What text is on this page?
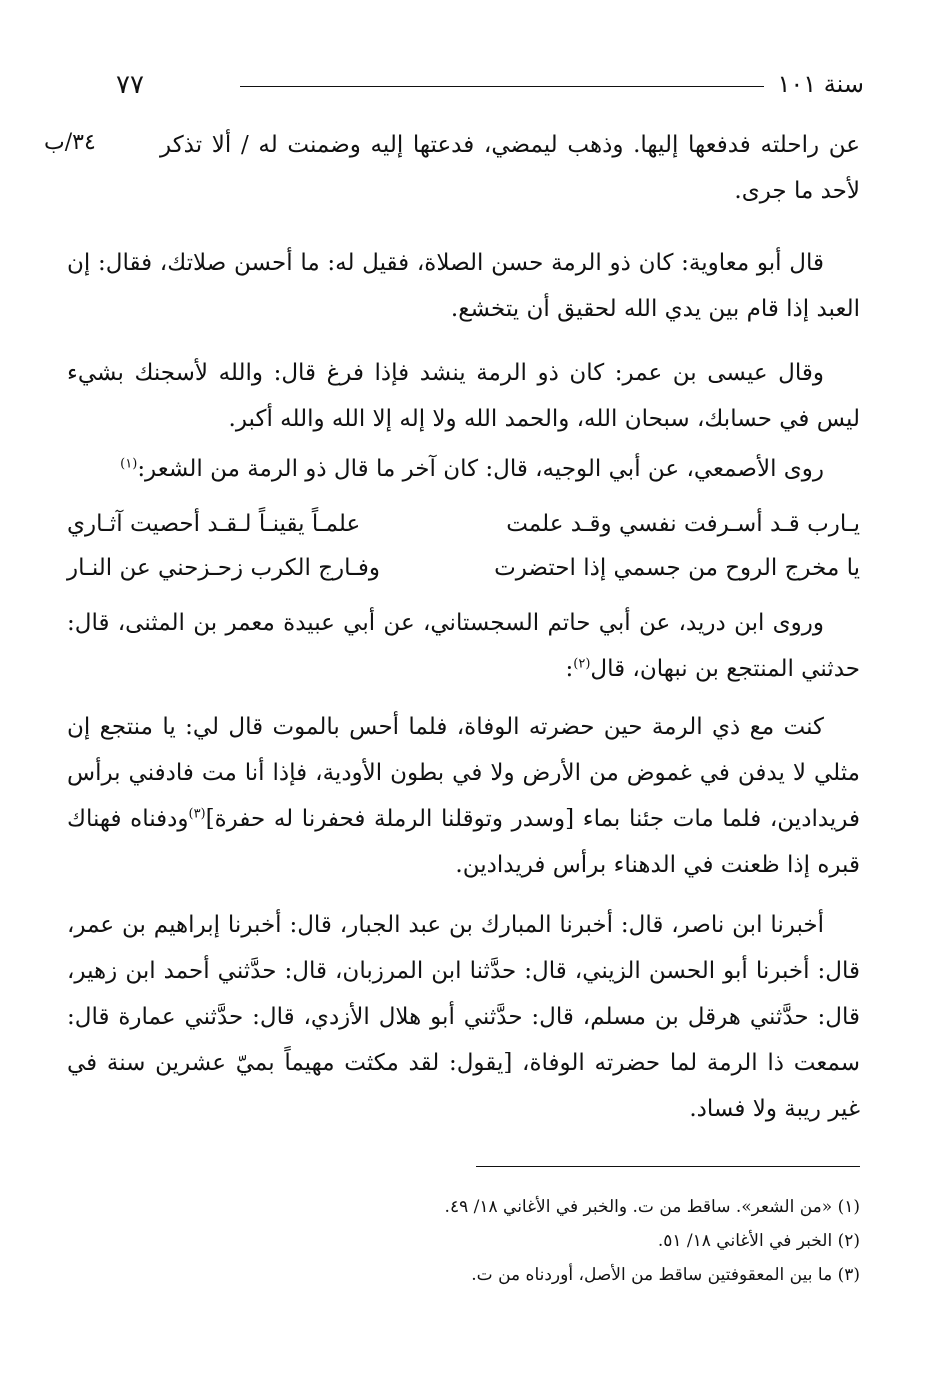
٧٧	سنة ١٠١
٣٤/ب	عن راحلته فدفعها إليها. وذهب ليمضي، فدعتها إليه وضمنت له / ألا تذكر لأحد ما جرى.

قال أبو معاوية: كان ذو الرمة حسن الصلاة، فقيل له: ما أحسن صلاتك، فقال: إن العبد إذا قام بين يدي الله لحقيق أن يتخشع.

وقال عيسى بن عمر: كان ذو الرمة ينشد فإذا فرغ قال: والله لأسجنك بشيء ليس في حسابك، سبحان الله، والحمد الله ولا إله إلا الله والله أكبر.

روى الأصمعي، عن أبي الوجيه، قال: كان آخر ما قال ذو الرمة من الشعر:$^{(١)}$

يـارب قـد أسـرفت نفسي وقـد علمت
علمـاً يقينـاً لـقـد أحصيت آثـاري
يا مخرج الروح من جسمي إذا احتضرت
وفـارج الكرب زحـزحني عن النـار

وروى ابن دريد، عن أبي حاتم السجستاني، عن أبي عبيدة معمر بن المثنى، قال: حدثني المنتجع بن نبهان، قال$^{(٢)}$:

كنت مع ذي الرمة حين حضرته الوفاة، فلما أحس بالموت قال لي: يا منتجع إن مثلي لا يدفن في غموض من الأرض ولا في بطون الأودية، فإذا أنا مت فادفني برأس فريدادين، فلما مات جئنا بماء [وسدر وتوقلنا الرملة فحفرنا له حفرة]$^{(٣)}$ودفناه فهناك قبره إذا ظعنت في الدهناء برأس فريدادين.

أخبرنا ابن ناصر، قال: أخبرنا المبارك بن عبد الجبار، قال: أخبرنا إبراهيم بن عمر، قال: أخبرنا أبو الحسن الزيني، قال: حدَّثنا ابن المرزبان، قال: حدَّثني أحمد ابن زهير، قال: حدَّثني هرقل بن مسلم، قال: حدَّثني أبو هلال الأزدي، قال: حدَّثني عمارة قال: سمعت ذا الرمة لما حضرته الوفاة، [يقول: لقد مكثت مهيماً بميّ عشرين سنة في غير ريبة ولا فساد.

(١) «من الشعر». ساقط من ت. والخبر في الأغاني ١٨/ ٤٩.
(٢) الخبر في الأغاني ١٨/ ٥١.
(٣) ما بين المعقوفتين ساقط من الأصل، أوردناه من ت.
